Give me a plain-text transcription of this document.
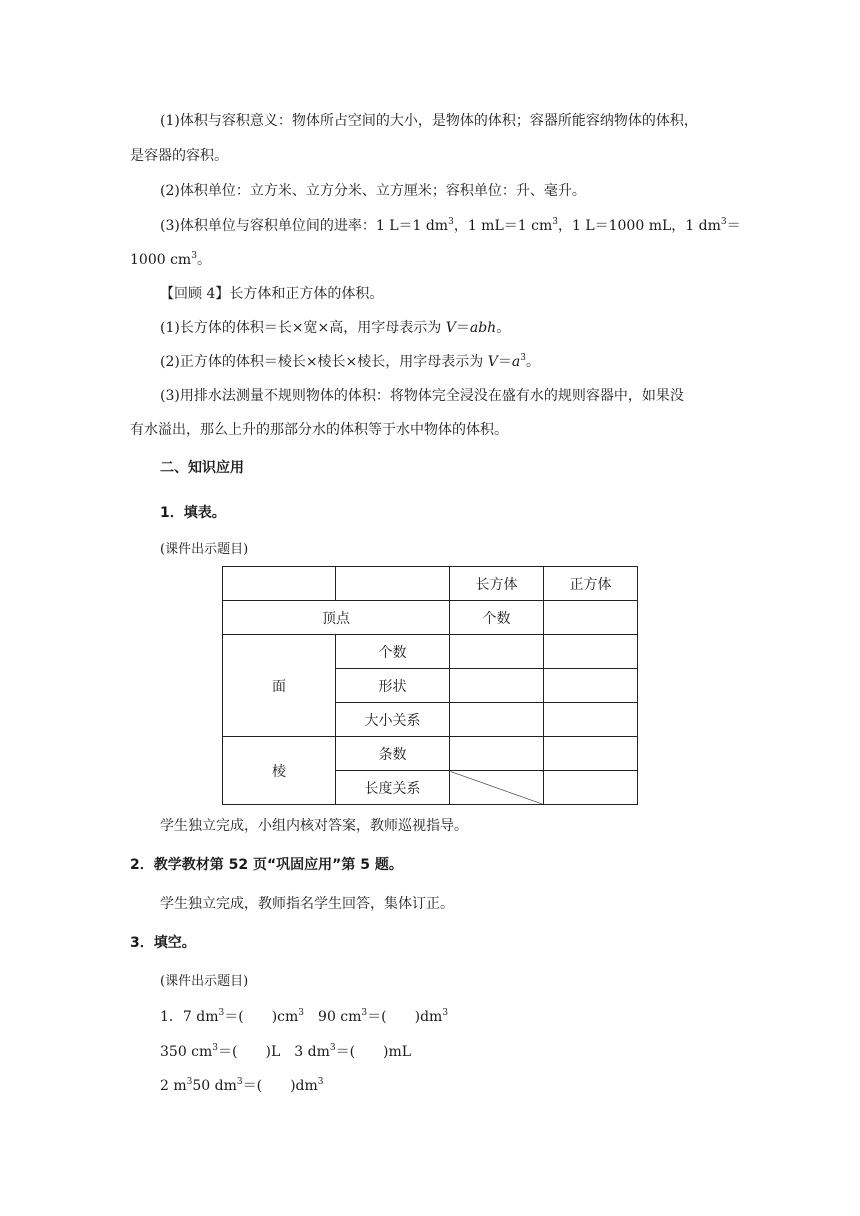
(1)体积与容积意义：物体所占空间的大小，是物体的体积；容器所能容纳物体的体积，
是容器的容积。
(2)体积单位：立方米、立方分米、立方厘米；容积单位：升、毫升。
(3)体积单位与容积单位间的进率：1 L＝1 $dm^3$，1 mL＝1 $cm^3$，1 L＝1000 mL，1 $dm^3=$
1000 $cm^3$。
【回顾 4】长方体和正方体的体积。
(1)长方体的体积＝长×宽×高，用字母表示为 V＝abh。
(2)正方体的体积＝棱长×棱长×棱长，用字母表示为 $V=a^3$。
(3)用排水法测量不规则物体的体积：将物体完全浸没在盛有水的规则容器中，如果没
有水溢出，那么上升的那部分水的体积等于水中物体的体积。
二、知识应用
1．填表。
(课件出示题目)
		长方体	正方体
顶点		个数	
面	个数		
	形状		
	大小关系		
棱	条数		
	长度关系		
学生独立完成，小组内核对答案，教师巡视指导。
2．教学教材第 52 页“巩固应用”第 5 题。
学生独立完成，教师指名学生回答，集体订正。
3．填空。
(课件出示题目)
1．7 $dm^3=$(　　)$cm^3$　90 $cm^3=$(　　)$dm^3$
350 $cm^3=$(　　)L　3 $dm^3=$(　　)mL
2 $m^350$ $dm^3=$(　　)$dm^3$
